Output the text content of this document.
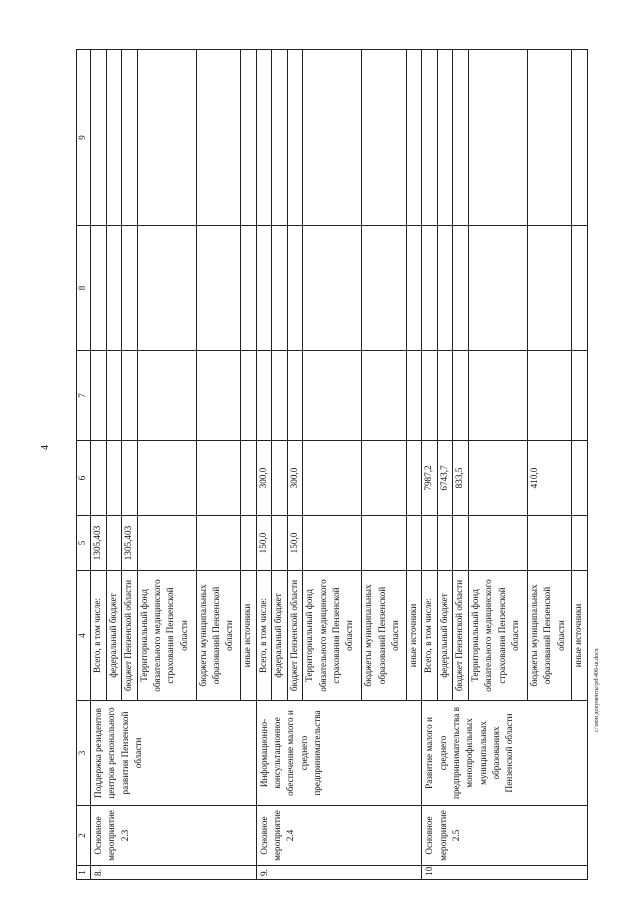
4
1	2	3	4	5	6	7	8	9
8.	Основное мероприятие 2.3	Поддержка резидентов центров регионального развития Пензенской области	Всего, в том числе:	1305,403				
			федеральный бюджет					
			бюджет Пензенской области	1305,403				
			Территориальный фонд обязательного медицинского страхования Пензенской области					
			бюджеты муниципальных образований Пензенской области					
			иные источники					
9.	Основное мероприятие 2.4	Информационно-консультационное обеспечение малого и среднего предпринимательства	Всего, в том числе:	150,0	300,0			
			федеральный бюджет					
			бюджет Пензенской области	150,0	300,0			
			Территориальный фонд обязательного медицинского страхования Пензенской области					
			бюджеты муниципальных образований Пензенской области					
			иные источники					
10.	Основное мероприятие 2.5	Развитие малого и среднего предпринимательства в монопрофильных муниципальных образованиях Пензенской области	Всего, в том числе:		7987,2			
			федеральный бюджет		6743,7			
			бюджет Пензенской области		833,5			
			Территориальный фонд обязательного медицинского страхования Пензенской области					
			бюджеты муниципальных образований Пензенской области		410,0			
			иные источники					
c:\мои документы\pd\406-ш.docx
